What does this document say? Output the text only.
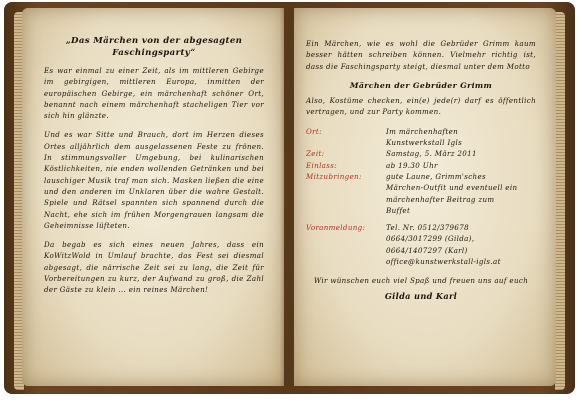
„Das Märchen von der abgesagten Faschingsparty“

Es war einmal zu einer Zeit, als im mittleren Gebirge im gebirgigen, mittleren Europa, inmitten der europäischen Gebirge, ein märchenhaft schöner Ort, benannt nach einem märchenhaft stacheligen Tier vor sich hin glänzte.

Und es war Sitte und Brauch, dort im Herzen dieses Ortes alljährlich dem ausgelassenen Feste zu frönen. In stimmungsvoller Umgebung, bei kulinarischen Köstlichkeiten, nie enden wollenden Getränken und bei lauschiger Musik traf man sich. Masken ließen die eine und den anderen im Unklaren über die wahre Gestalt. Spiele und Rätsel spannten sich spannend durch die Nacht, ehe sich im frühen Morgengrauen langsam die Geheimnisse lüfteten.

Da begab es sich eines neuen Jahres, dass ein KoWitzWold in Umlauf brachte, das Fest sei diesmal abgesagt, die närrische Zeit sei zu lang, die Zeit für Vorbereitungen zu kurz, der Aufwand zu groß, die Zahl der Gäste zu klein ... ein reines Märchen!

Ein Märchen, wie es wohl die Gebrüder Grimm kaum besser hätten schreiben können. Vielmehr richtig ist, dass die Faschingsparty steigt, diesmal unter dem Motto

Märchen der Gebrüder Grimm

Also, Kostüme checken, ein(e) jede(r) darf es öffentlich vertragen, und zur Party kommen.

Ort:	Im märchenhaften
Kunstwerkstall Igls
Zeit:	Samstag, 5. März 2011
Einlass:	ab 19.30 Uhr
Mitzubringen:	gute Laune, Grimm'sches
Märchen-Outfit und eventuell ein
märchenhafter Beitrag zum
Buffet
Voranmeldung:	Tel. Nr. 0512/379678
0664/3017299 (Gilda),
0664/1407297 (Karl)
office@kunstwerkstall-igls.at
Wir wünschen euch viel Spaß und freuen uns auf euch
Gilda und Karl
